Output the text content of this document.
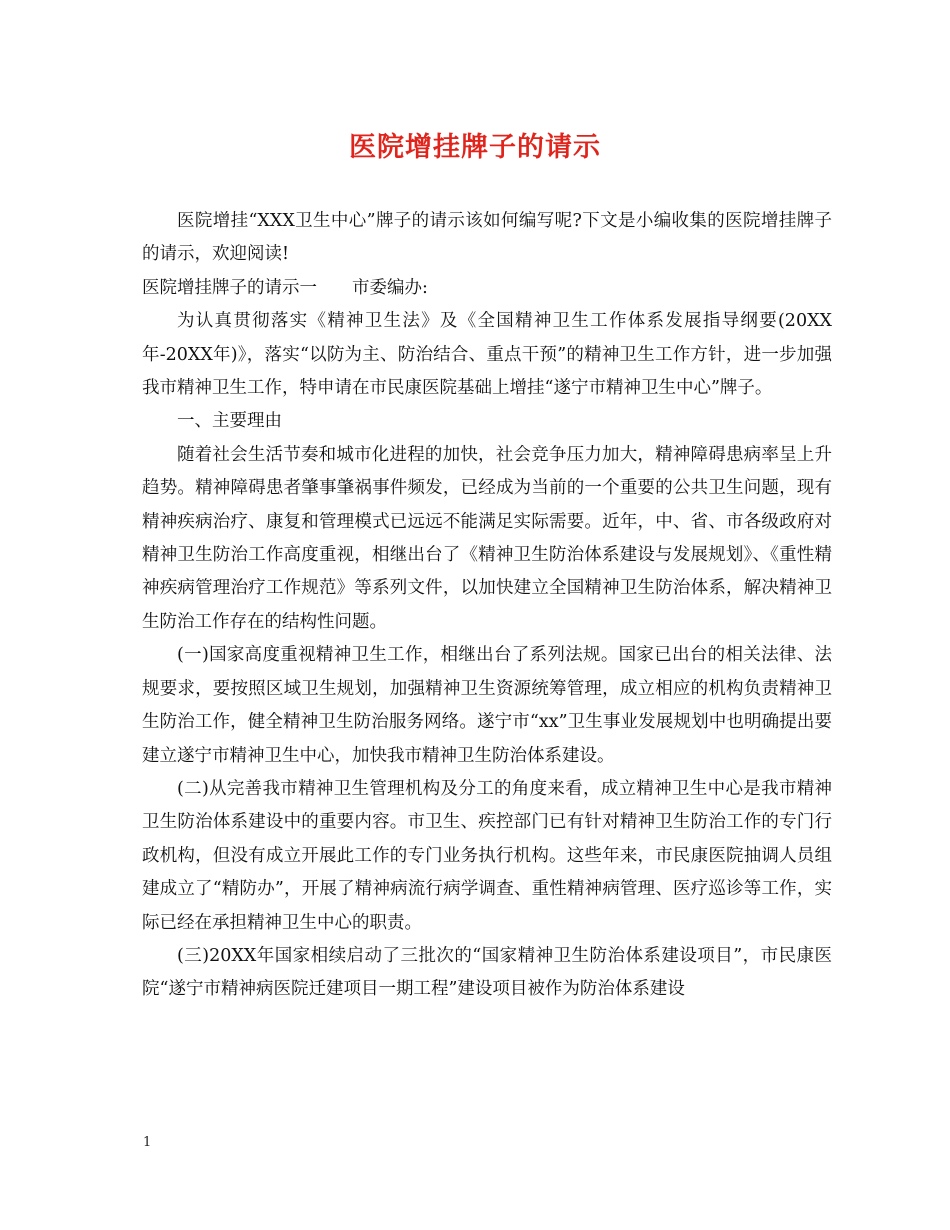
医院增挂牌子的请示

医院增挂“XXX卫生中心”牌子的请示该如何编写呢?下文是小编收集的医院增挂牌子的请示，欢迎阅读!

医院增挂牌子的请示一　　市委编办:

为认真贯彻落实《精神卫生法》及《全国精神卫生工作体系发展指导纲要(20XX年-20XX年)》，落实“以防为主、防治结合、重点干预”的精神卫生工作方针，进一步加强我市精神卫生工作，特申请在市民康医院基础上增挂“遂宁市精神卫生中心”牌子。

一、主要理由

随着社会生活节奏和城市化进程的加快，社会竞争压力加大，精神障碍患病率呈上升趋势。精神障碍患者肇事肇祸事件频发，已经成为当前的一个重要的公共卫生问题，现有精神疾病治疗、康复和管理模式已远远不能满足实际需要。近年，中、省、市各级政府对精神卫生防治工作高度重视，相继出台了《精神卫生防治体系建设与发展规划》、《重性精神疾病管理治疗工作规范》等系列文件，以加快建立全国精神卫生防治体系，解决精神卫生防治工作存在的结构性问题。

(一)国家高度重视精神卫生工作，相继出台了系列法规。国家已出台的相关法律、法规要求，要按照区域卫生规划，加强精神卫生资源统筹管理，成立相应的机构负责精神卫生防治工作，健全精神卫生防治服务网络。遂宁市“xx”卫生事业发展规划中也明确提出要建立遂宁市精神卫生中心，加快我市精神卫生防治体系建设。

(二)从完善我市精神卫生管理机构及分工的角度来看，成立精神卫生中心是我市精神卫生防治体系建设中的重要内容。市卫生、疾控部门已有针对精神卫生防治工作的专门行政机构，但没有成立开展此工作的专门业务执行机构。这些年来，市民康医院抽调人员组建成立了“精防办”，开展了精神病流行病学调查、重性精神病管理、医疗巡诊等工作，实际已经在承担精神卫生中心的职责。

(三)20XX年国家相续启动了三批次的“国家精神卫生防治体系建设项目”，市民康医院“遂宁市精神病医院迁建项目一期工程”建设项目被作为防治体系建设

1
